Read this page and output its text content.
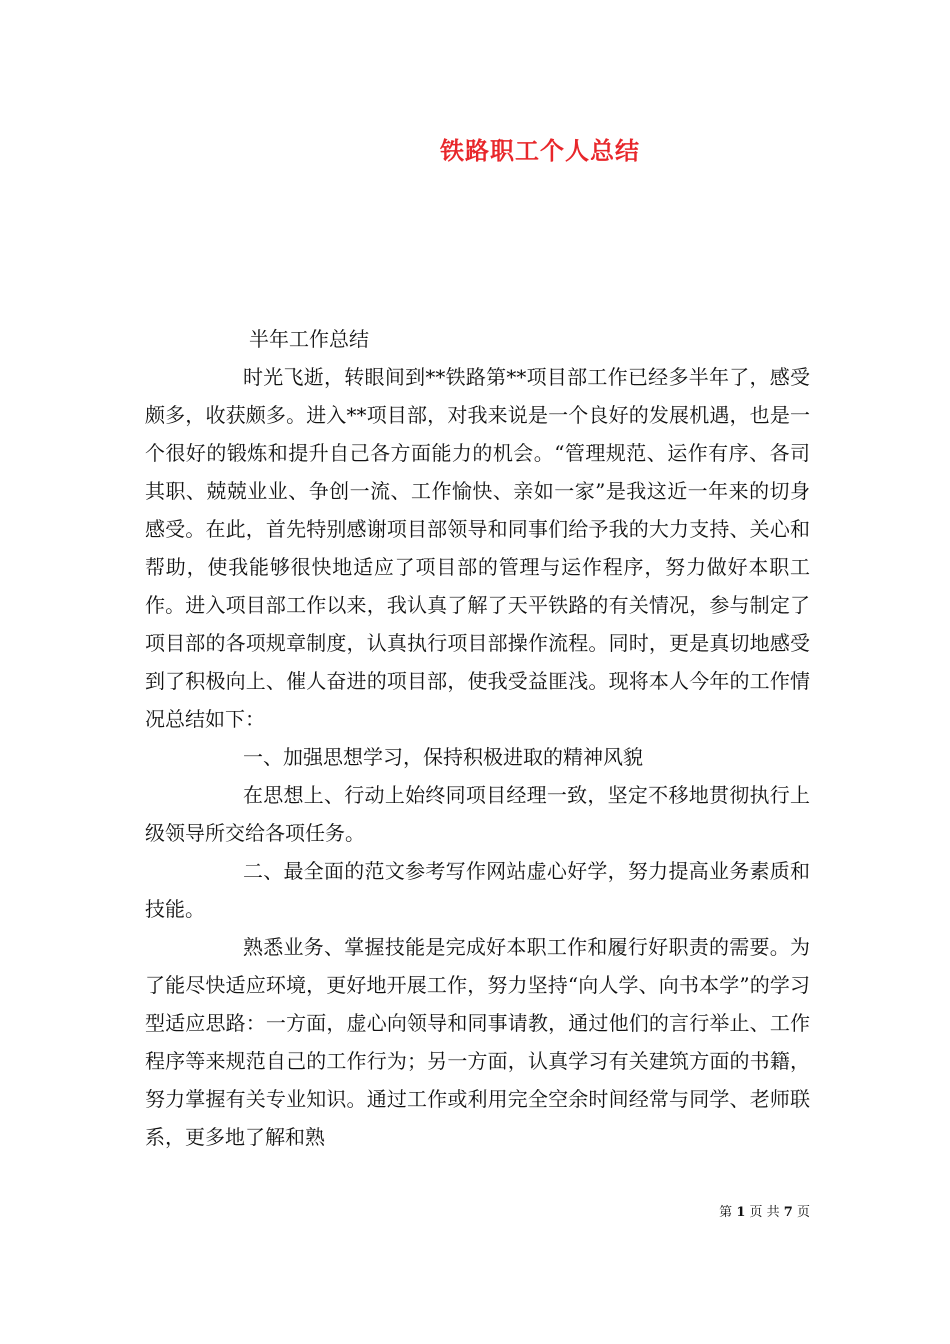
铁路职工个人总结

半年工作总结

时光飞逝，转眼间到**铁路第**项目部工作已经多半年了，感受颇多，收获颇多。进入**项目部，对我来说是一个良好的发展机遇，也是一个很好的锻炼和提升自己各方面能力的机会。“管理规范、运作有序、各司其职、兢兢业业、争创一流、工作愉快、亲如一家”是我这近一年来的切身感受。在此，首先特别感谢项目部领导和同事们给予我的大力支持、关心和帮助，使我能够很快地适应了项目部的管理与运作程序，努力做好本职工作。进入项目部工作以来，我认真了解了天平铁路的有关情况，参与制定了项目部的各项规章制度，认真执行项目部操作流程。同时，更是真切地感受到了积极向上、催人奋进的项目部，使我受益匪浅。现将本人今年的工作情况总结如下：

一、加强思想学习，保持积极进取的精神风貌

在思想上、行动上始终同项目经理一致，坚定不移地贯彻执行上级领导所交给各项任务。

二、最全面的范文参考写作网站虚心好学，努力提高业务素质和技能。

熟悉业务、掌握技能是完成好本职工作和履行好职责的需要。为了能尽快适应环境，更好地开展工作，努力坚持“向人学、向书本学”的学习型适应思路：一方面，虚心向领导和同事请教，通过他们的言行举止、工作程序等来规范自己的工作行为；另一方面，认真学习有关建筑方面的书籍，努力掌握有关专业知识。通过工作或利用完全空余时间经常与同学、老师联系，更多地了解和熟

第 1 页 共 7 页
